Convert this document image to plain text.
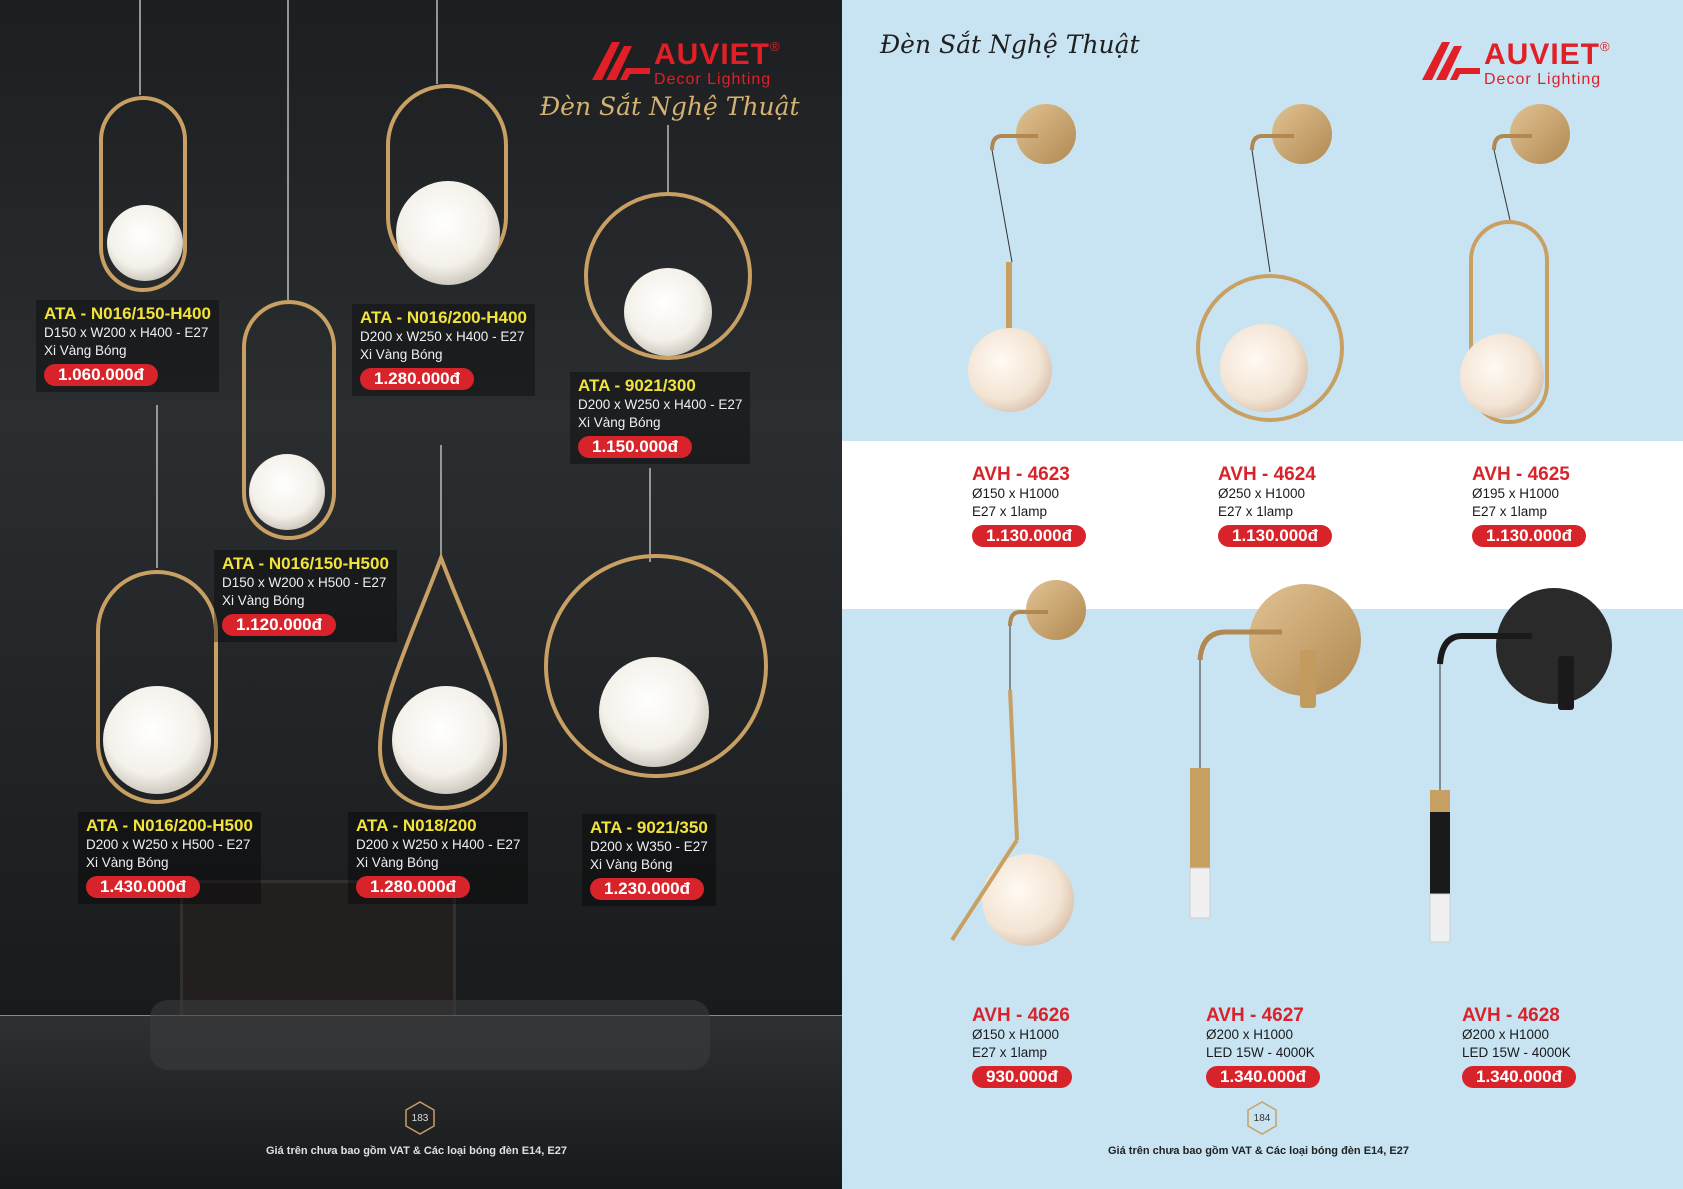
AUVIET®
Decor Lighting
Đèn Sắt Nghệ Thuật
ATA - N016/150-H400
D150 x W200 x H400 - E27
Xi Vàng Bóng
1.060.000đ
ATA - N016/200-H400
D200 x W250 x H400 - E27
Xi Vàng Bóng
1.280.000đ	ATA - 9021/300
D200 x W250 x H400 - E27
Xi Vàng Bóng
1.150.000đ
ATA - N016/150-H500
D150 x W200 x H500 - E27
Xi Vàng Bóng
1.120.000đ
ATA - N016/200-H500
D200 x W250 x H500 - E27
Xi Vàng Bóng
1.430.000đ
ATA - N018/200
D200 x W250 x H400 - E27
Xi Vàng Bóng
1.280.000đ
ATA - 9021/350
D200 x W350 - E27
Xi Vàng Bóng
1.230.000đ
183
Giá trên chưa bao gồm VAT & Các loại bóng đèn E14, E27
Đèn Sắt Nghệ Thuật	AUVIET®
Decor Lighting
AVH - 4623
Ø150 x H1000
E27 x 1lamp
1.130.000đ
AVH - 4624
Ø250 x H1000
E27 x 1lamp
1.130.000đ
AVH - 4625
Ø195 x H1000
E27 x 1lamp
1.130.000đ
AVH - 4626
Ø150 x H1000
E27 x 1lamp
930.000đ
AVH - 4627
Ø200 x H1000
LED 15W - 4000K
1.340.000đ
AVH - 4628
Ø200 x H1000
LED 15W - 4000K
1.340.000đ
184
Giá trên chưa bao gồm VAT & Các loại bóng đèn E14, E27
